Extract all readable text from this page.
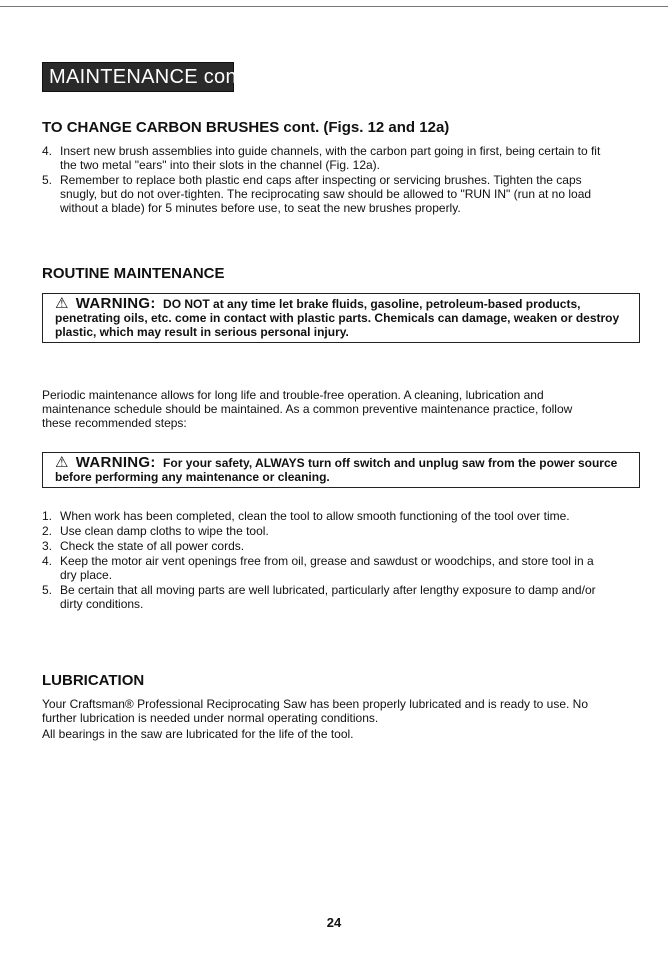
MAINTENANCE cont.
TO CHANGE CARBON BRUSHES cont. (Figs. 12 and 12a)
4. Insert new brush assemblies into guide channels, with the carbon part going in first, being certain to fit the two metal "ears" into their slots in the channel (Fig. 12a).
5. Remember to replace both plastic end caps after inspecting or servicing brushes. Tighten the caps snugly, but do not over-tighten. The reciprocating saw should be allowed to "RUN IN" (run at no load without a blade) for 5 minutes before use, to seat the new brushes properly.
ROUTINE MAINTENANCE
⚠ WARNING: DO NOT at any time let brake fluids, gasoline, petroleum-based products, penetrating oils, etc. come in contact with plastic parts. Chemicals can damage, weaken or destroy plastic, which may result in serious personal injury.

Periodic maintenance allows for long life and trouble-free operation. A cleaning, lubrication and maintenance schedule should be maintained. As a common preventive maintenance practice, follow these recommended steps:

⚠ WARNING: For your safety, ALWAYS turn off switch and unplug saw from the power source before performing any maintenance or cleaning.
1. When work has been completed, clean the tool to allow smooth functioning of the tool over time.
2. Use clean damp cloths to wipe the tool.
3. Check the state of all power cords.
4. Keep the motor air vent openings free from oil, grease and sawdust or woodchips, and store tool in a dry place.
5. Be certain that all moving parts are well lubricated, particularly after lengthy exposure to damp and/or dirty conditions.
LUBRICATION

Your Craftsman® Professional Reciprocating Saw has been properly lubricated and is ready to use. No further lubrication is needed under normal operating conditions.

All bearings in the saw are lubricated for the life of the tool.

24
